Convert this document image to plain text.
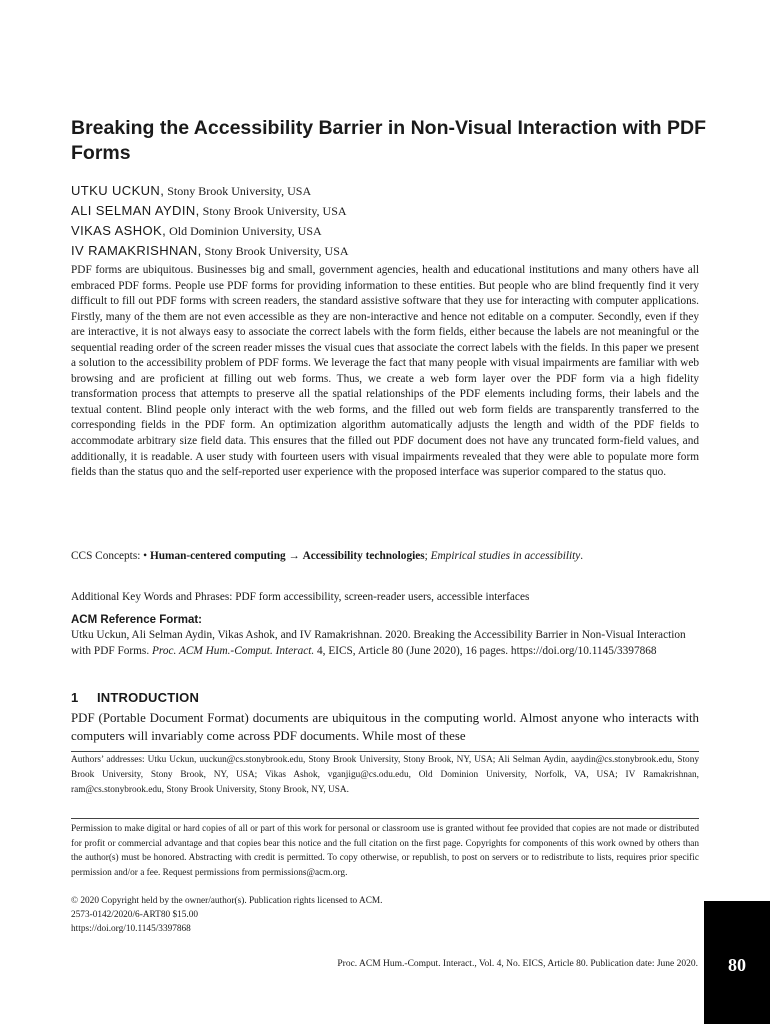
Breaking the Accessibility Barrier in Non-Visual Interaction with PDF Forms
UTKU UCKUN, Stony Brook University, USA
ALI SELMAN AYDIN, Stony Brook University, USA
VIKAS ASHOK, Old Dominion University, USA
IV RAMAKRISHNAN, Stony Brook University, USA

PDF forms are ubiquitous. Businesses big and small, government agencies, health and educational institutions and many others have all embraced PDF forms. People use PDF forms for providing information to these entities. But people who are blind frequently find it very difficult to fill out PDF forms with screen readers, the standard assistive software that they use for interacting with computer applications. Firstly, many of the them are not even accessible as they are non-interactive and hence not editable on a computer. Secondly, even if they are interactive, it is not always easy to associate the correct labels with the form fields, either because the labels are not meaningful or the sequential reading order of the screen reader misses the visual cues that associate the correct labels with the fields. In this paper we present a solution to the accessibility problem of PDF forms. We leverage the fact that many people with visual impairments are familiar with web browsing and are proficient at filling out web forms. Thus, we create a web form layer over the PDF form via a high fidelity transformation process that attempts to preserve all the spatial relationships of the PDF elements including forms, their labels and the textual content. Blind people only interact with the web forms, and the filled out web form fields are transparently transferred to the corresponding fields in the PDF form. An optimization algorithm automatically adjusts the length and width of the PDF fields to accommodate arbitrary size field data. This ensures that the filled out PDF document does not have any truncated form-field values, and additionally, it is readable. A user study with fourteen users with visual impairments revealed that they were able to populate more form fields than the status quo and the self-reported user experience with the proposed interface was superior compared to the status quo.

CCS Concepts: • Human-centered computing → Accessibility technologies; Empirical studies in accessibility.

Additional Key Words and Phrases: PDF form accessibility, screen-reader users, accessible interfaces

ACM Reference Format:

Utku Uckun, Ali Selman Aydin, Vikas Ashok, and IV Ramakrishnan. 2020. Breaking the Accessibility Barrier in Non-Visual Interaction with PDF Forms. Proc. ACM Hum.-Comput. Interact. 4, EICS, Article 80 (June 2020), 16 pages. https://doi.org/10.1145/3397868

1 INTRODUCTION

PDF (Portable Document Format) documents are ubiquitous in the computing world. Almost anyone who interacts with computers will invariably come across PDF documents. While most of these

Authors’ addresses: Utku Uckun, uuckun@cs.stonybrook.edu, Stony Brook University, Stony Brook, NY, USA; Ali Selman Aydin, aaydin@cs.stonybrook.edu, Stony Brook University, Stony Brook, NY, USA; Vikas Ashok, vganjigu@cs.odu.edu, Old Dominion University, Norfolk, VA, USA; IV Ramakrishnan, ram@cs.stonybrook.edu, Stony Brook University, Stony Brook, NY, USA.

Permission to make digital or hard copies of all or part of this work for personal or classroom use is granted without fee provided that copies are not made or distributed for profit or commercial advantage and that copies bear this notice and the full citation on the first page. Copyrights for components of this work owned by others than the author(s) must be honored. Abstracting with credit is permitted. To copy otherwise, or republish, to post on servers or to redistribute to lists, requires prior specific permission and/or a fee. Request permissions from permissions@acm.org.

© 2020 Copyright held by the owner/author(s). Publication rights licensed to ACM.
2573-0142/2020/6-ART80 $15.00
https://doi.org/10.1145/3397868
Proc. ACM Hum.-Comput. Interact., Vol. 4, No. EICS, Article 80. Publication date: June 2020.	80
